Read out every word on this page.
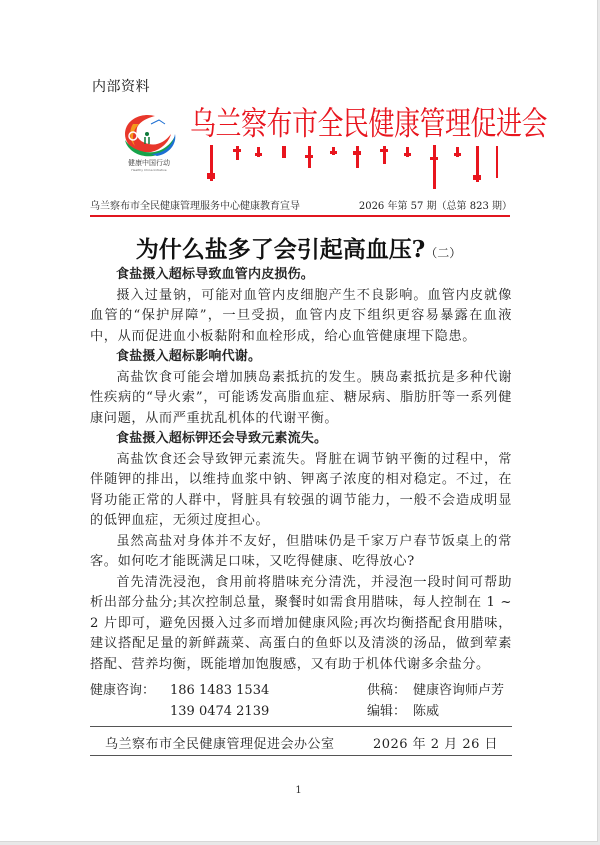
内部资料
健康中国行动
Healthy China Initiative
乌兰察布市全民健康管理促进会
乌兰察布市全民健康管理服务中心健康教育宣导	2026 年第 57 期（总第 823 期）
为什么盐多了会引起高血压?（二）

食盐摄入超标导致血管内皮损伤。

摄入过量钠，可能对血管内皮细胞产生不良影响。血管内皮就像血管的“保护屏障”，一旦受损，血管内皮下组织更容易暴露在血液中，从而促进血小板黏附和血栓形成，给心血管健康埋下隐患。

食盐摄入超标影响代谢。

高盐饮食可能会增加胰岛素抵抗的发生。胰岛素抵抗是多种代谢性疾病的“导火索”，可能诱发高脂血症、糖尿病、脂肪肝等一系列健康问题，从而严重扰乱机体的代谢平衡。

食盐摄入超标钾还会导致元素流失。

高盐饮食还会导致钾元素流失。肾脏在调节钠平衡的过程中，常伴随钾的排出，以维持血浆中钠、钾离子浓度的相对稳定。不过，在肾功能正常的人群中，肾脏具有较强的调节能力，一般不会造成明显的低钾血症，无须过度担心。

虽然高盐对身体并不友好，但腊味仍是千家万户春节饭桌上的常客。如何吃才能既满足口味，又吃得健康、吃得放心?

首先清洗浸泡，食用前将腊味充分清洗，并浸泡一段时间可帮助析出部分盐分;其次控制总量，聚餐时如需食用腊味，每人控制在 1 ~ 2 片即可，避免因摄入过多而增加健康风险;再次均衡搭配食用腊味，建议搭配足量的新鲜蔬菜、高蛋白的鱼虾以及清淡的汤品，做到荤素搭配、营养均衡，既能增加饱腹感，又有助于机体代谢多余盐分。

健康咨询：	186 1483 1534
139 0474 2139
供稿： 健康咨询师卢芳
编辑： 陈威
乌兰察布市全民健康管理促进会办公室	2026 年 2 月 26 日
1
